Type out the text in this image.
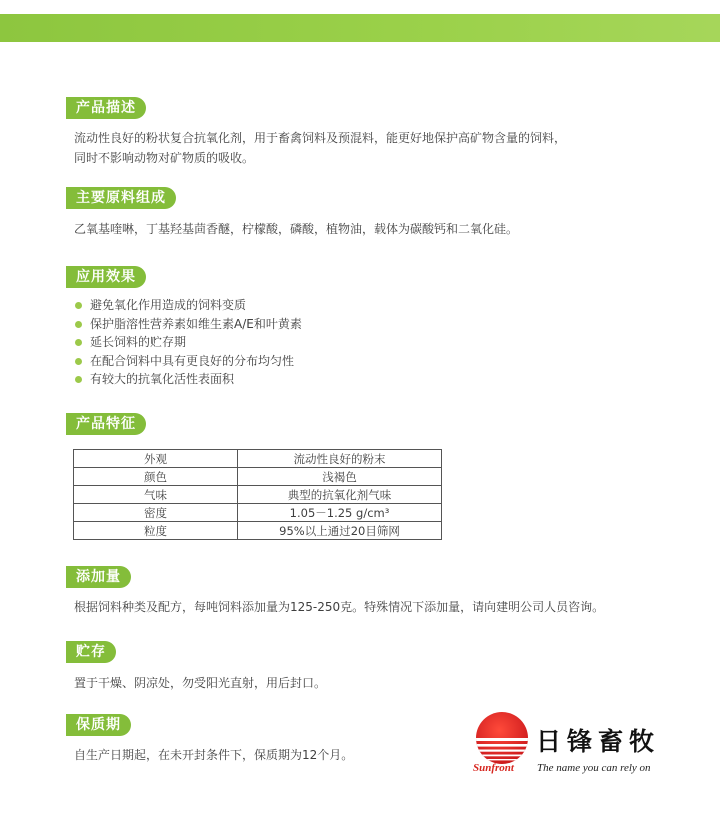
产品描述

流动性良好的粉状复合抗氧化剂，用于畜禽饲料及预混料，能更好地保护高矿物含量的饲料，

同时不影响动物对矿物质的吸收。

主要原料组成

乙氧基喹啉，丁基羟基茴香醚，柠檬酸，磷酸，植物油，载体为碳酸钙和二氧化硅。

应用效果
避免氧化作用造成的饲料变质
保护脂溶性营养素如维生素A/E和叶黄素
延长饲料的贮存期
在配合饲料中具有更良好的分布均匀性
有较大的抗氧化活性表面积
产品特征
外观	流动性良好的粉末
颜色	浅褐色
气味	典型的抗氧化剂气味
密度	1.05－1.25 g/cm³
粒度	95%以上通过20目筛网
添加量

根据饲料种类及配方，每吨饲料添加量为125-250克。特殊情况下添加量，请向建明公司人员咨询。

贮存

置于干燥、阴凉处，勿受阳光直射，用后封口。

保质期

自生产日期起，在未开封条件下，保质期为12个月。	日锋畜牧
Sunfront The name you can rely on
